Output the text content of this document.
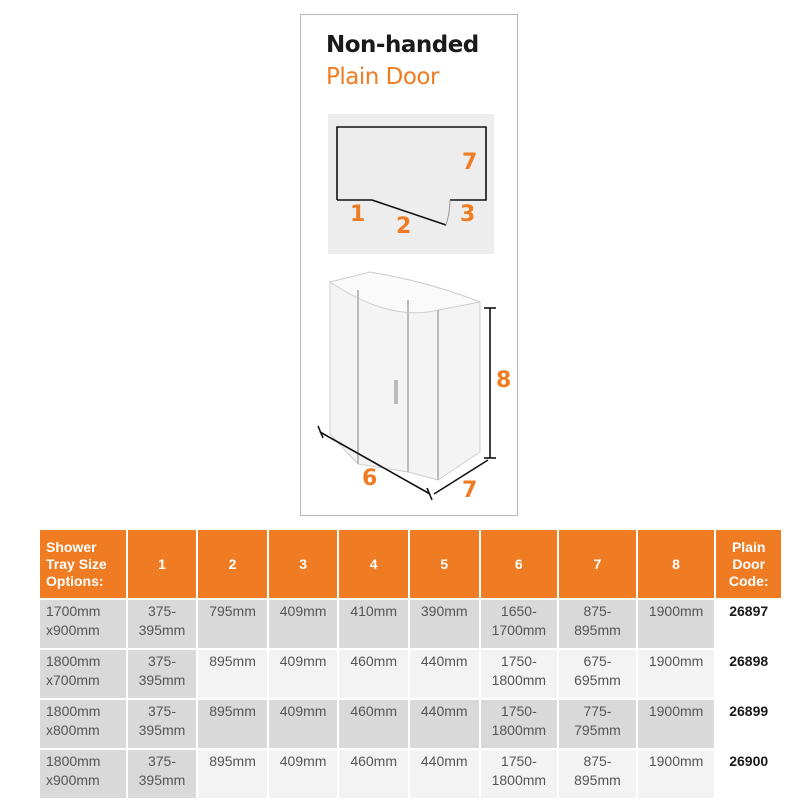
Non-handed
Plain Door
1 2 3
7
8
6	7
Shower Tray Size Options:	1	2	3	4	5	6	7	8	Plain Door Code:
1700mm x900mm	375- 395mm	795mm	409mm	410mm	390mm	1650- 1700mm	875- 895mm	1900mm	26897
1800mm x700mm	375- 395mm	895mm	409mm	460mm	440mm	1750- 1800mm	675- 695mm	1900mm	26898
1800mm x800mm	375- 395mm	895mm	409mm	460mm	440mm	1750- 1800mm	775- 795mm	1900mm	26899
1800mm x900mm	375- 395mm	895mm	409mm	460mm	440mm	1750- 1800mm	875- 895mm	1900mm	26900
